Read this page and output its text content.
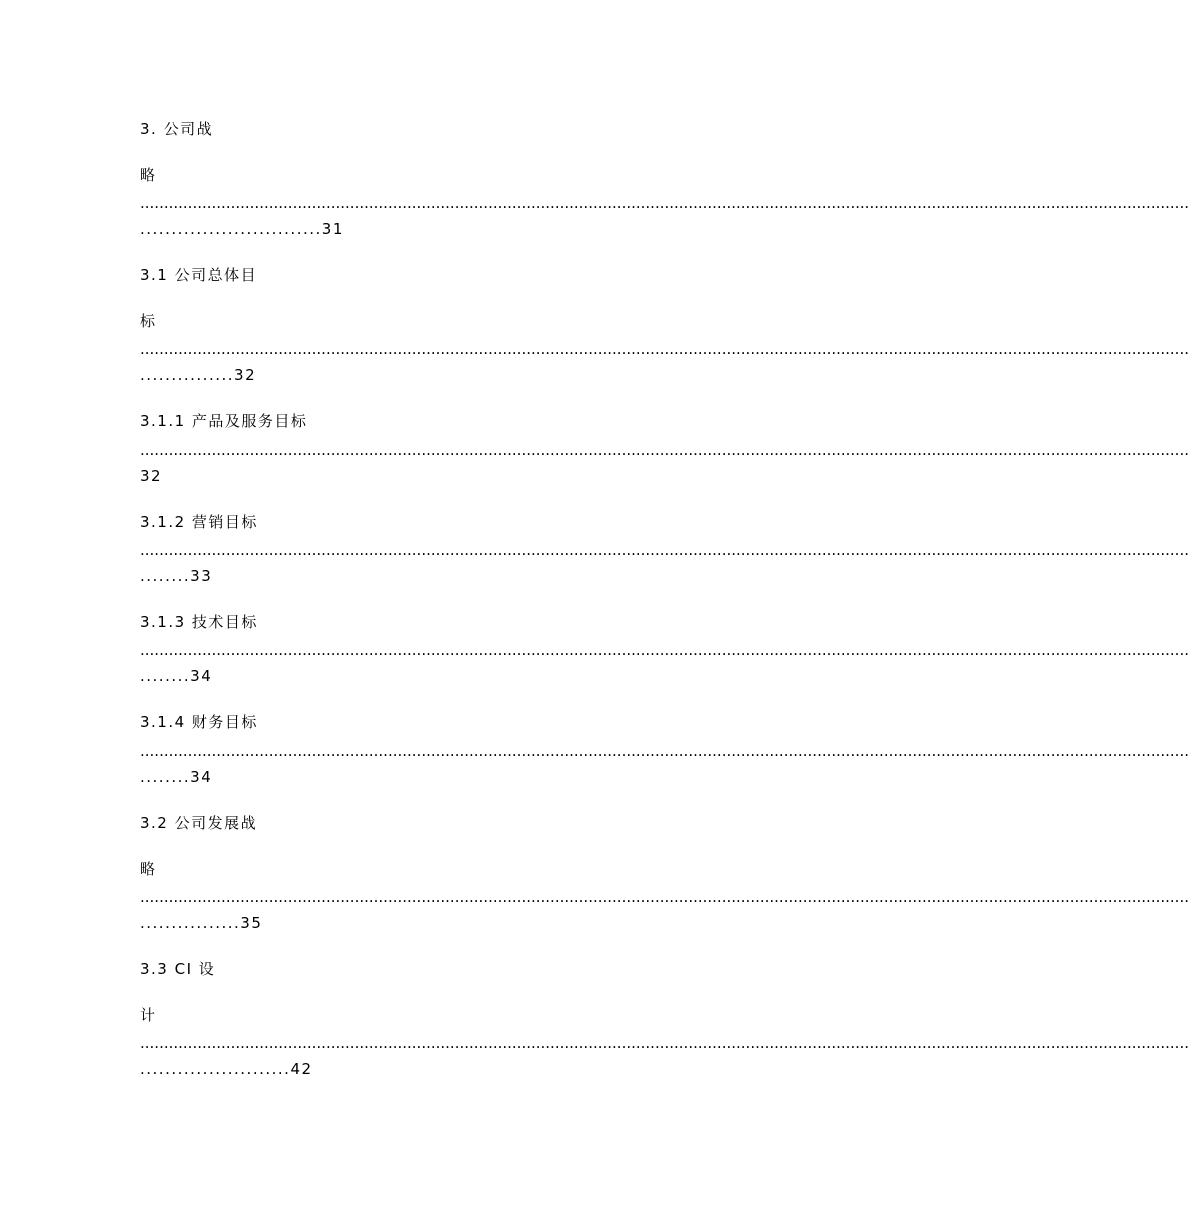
3. 公司战
略
............................................................................................................................................................................................................................
.............................31
3.1 公司总体目
标
............................................................................................................................................................................................................................
...............32
3.1.1 产品及服务目标
............................................................................................................................................................................................................................
32
3.1.2 营销目标
............................................................................................................................................................................................................................
........33
3.1.3 技术目标
............................................................................................................................................................................................................................
........34
3.1.4 财务目标
............................................................................................................................................................................................................................
........34
3.2 公司发展战
略
............................................................................................................................................................................................................................
................35
3.3 CI 设
计
............................................................................................................................................................................................................................
........................42
